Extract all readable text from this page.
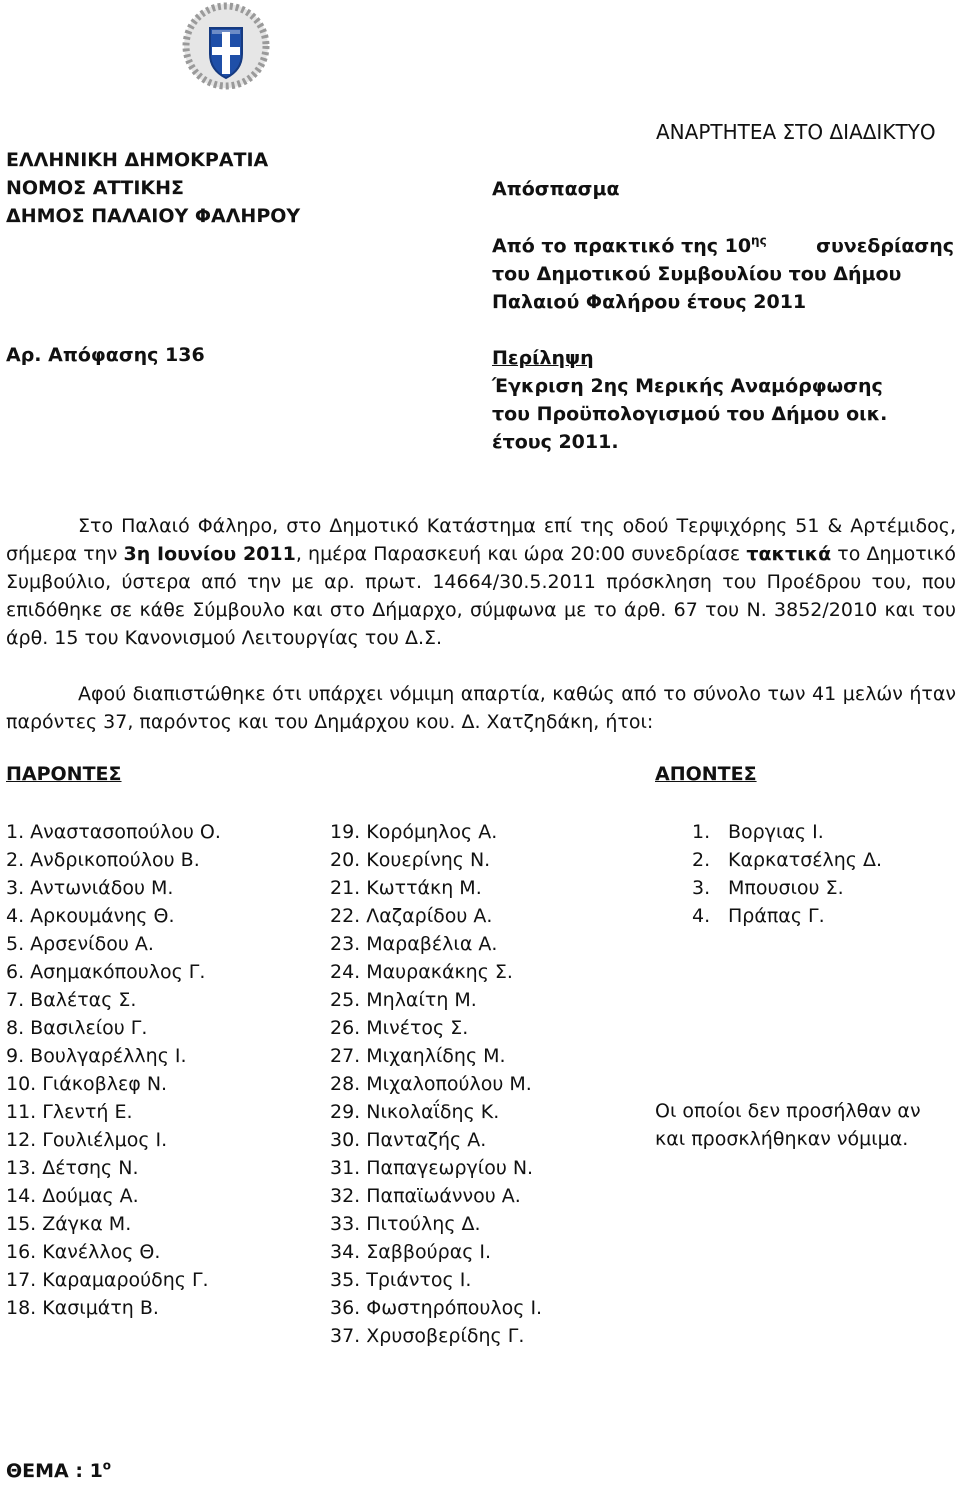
ΕΛΛΗΝΙΚΗ ΔΗΜΟΚΡΑΤΙΑ
ΝΟΜΟΣ ΑΤΤΙΚΗΣ
ΔΗΜΟΣ ΠΑΛΑΙΟΥ ΦΑΛΗΡΟΥ
Αρ. Απόφασης 136
ΑΝΑΡΤΗΤΕΑ ΣΤΟ ΔΙΑΔΙΚΤΥΟ
Απόσπασμα
Από το πρακτικό της $10^{\eta\varsigma}$	συνεδρίασης
του Δημοτικού Συμβουλίου του Δήμου
Παλαιού Φαλήρου έτους 2011
Περίληψη
Έγκριση 2ης Μερικής Αναμόρφωσης
του Προϋπολογισμού του Δήμου οικ.
έτους 2011.
Στο Παλαιό Φάληρο, στο Δημοτικό Κατάστημα επί της οδού Τερψιχόρης 51 & Αρτέμιδος, σήμερα την 3η Ιουνίου 2011, ημέρα Παρασκευή και ώρα 20:00 συνεδρίασε τακτικά το Δημοτικό Συμβούλιο, ύστερα από την με αρ. πρωτ. 14664/30.5.2011 πρόσκληση του Προέδρου του, που επιδόθηκε σε κάθε Σύμβουλο και στο Δήμαρχο, σύμφωνα με το άρθ. 67 του Ν. 3852/2010 και του άρθ. 15 του Κανονισμού Λειτουργίας του Δ.Σ.
Αφού διαπιστώθηκε ότι υπάρχει νόμιμη απαρτία, καθώς από το σύνολο των 41 μελών ήταν παρόντες 37, παρόντος και του Δημάρχου κου. Δ. Χατζηδάκη, ήτοι:
ΠΑΡΟΝΤΕΣ	ΑΠΟΝΤΕΣ
1. Αναστασοπούλου Ο.
2. Ανδρικοπούλου Β.
3. Αντωνιάδου Μ.
4. Αρκουμάνης Θ.
5. Αρσενίδου Α.
6. Ασημακόπουλος Γ.
7. Βαλέτας Σ.
8. Βασιλείου Γ.
9. Βουλγαρέλλης Ι.
10. Γιάκοβλεφ Ν.
11. Γλεντή Ε.
12. Γουλιέλμος Ι.
13. Δέτσης Ν.
14. Δούμας Α.
15. Ζάγκα Μ.
16. Κανέλλος Θ.
17. Καραμαρούδης Γ.
18. Κασιμάτη Β.
19. Κορόμηλος Α.
20. Κουερίνης Ν.
21. Κωττάκη Μ.
22. Λαζαρίδου Α.
23. Μαραβέλια Α.
24. Μαυρακάκης Σ.
25. Μηλαίτη Μ.
26. Μινέτος Σ.
27. Μιχαηλίδης Μ.
28. Μιχαλοπούλου Μ.
29. Νικολαΐδης Κ.
30. Πανταζής Α.
31. Παπαγεωργίου Ν.
32. Παπαϊωάννου Α.
33. Πιτούλης Δ.
34. Σαββούρας Ι.
35. Τριάντος Ι.
36. Φωστηρόπουλος Ι.
37. Χρυσοβερίδης Γ.
1. Βοργιας Ι.
2. Καρκατσέλης Δ.
3. Μπουσιου Σ.
4. Πράπας Γ.
Οι οποίοι δεν προσήλθαν αν
και προσκλήθηκαν νόμιμα.
ΘΕΜΑ : $1^o$
